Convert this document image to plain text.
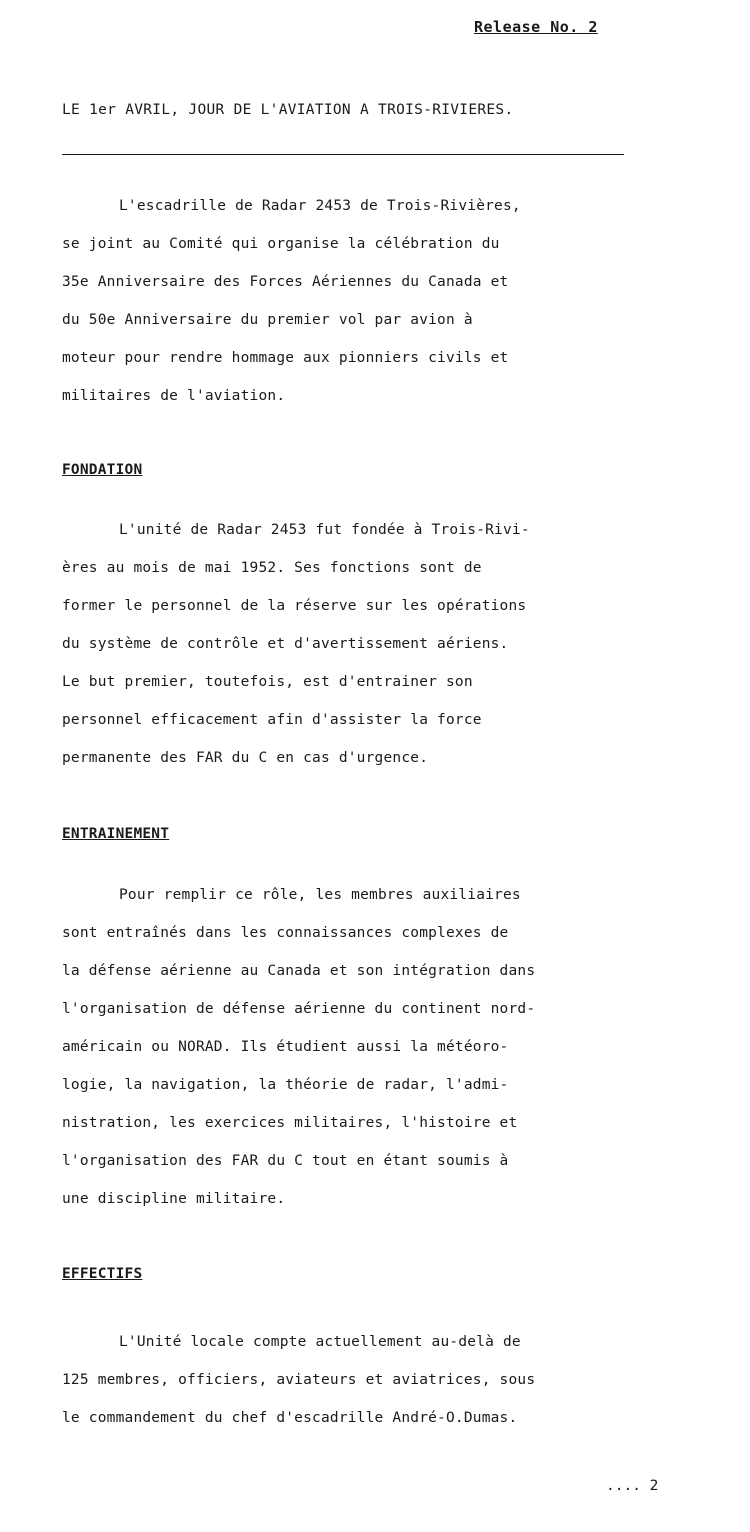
Release No. 2
LE 1er AVRIL, JOUR DE L'AVIATION A TROIS-RIVIERES.
L'escadrille de Radar 2453 de Trois-Rivières,
se joint au Comité qui organise la célébration du
35e Anniversaire des Forces Aériennes du Canada et
du 50e Anniversaire du premier vol par avion à
moteur pour rendre hommage aux pionniers civils et
militaires de l'aviation.
FONDATION
L'unité de Radar 2453 fut fondée à Trois-Rivi-
ères au mois de mai 1952. Ses fonctions sont de
former le personnel de la réserve sur les opérations
du système de contrôle et d'avertissement aériens.
Le but premier, toutefois, est d'entrainer son
personnel efficacement afin d'assister la force
permanente des FAR du C en cas d'urgence.
ENTRAINEMENT
Pour remplir ce rôle, les membres auxiliaires
sont entraînés dans les connaissances complexes de
la défense aérienne au Canada et son intégration dans
l'organisation de défense aérienne du continent nord-
américain ou NORAD. Ils étudient aussi la météoro-
logie, la navigation, la théorie de radar, l'admi-
nistration, les exercices militaires, l'histoire et
l'organisation des FAR du C tout en étant soumis à
une discipline militaire.
EFFECTIFS
L'Unité locale compte actuellement au-delà de
125 membres, officiers, aviateurs et aviatrices, sous
le commandement du chef d'escadrille André-O.Dumas.
.... 2
